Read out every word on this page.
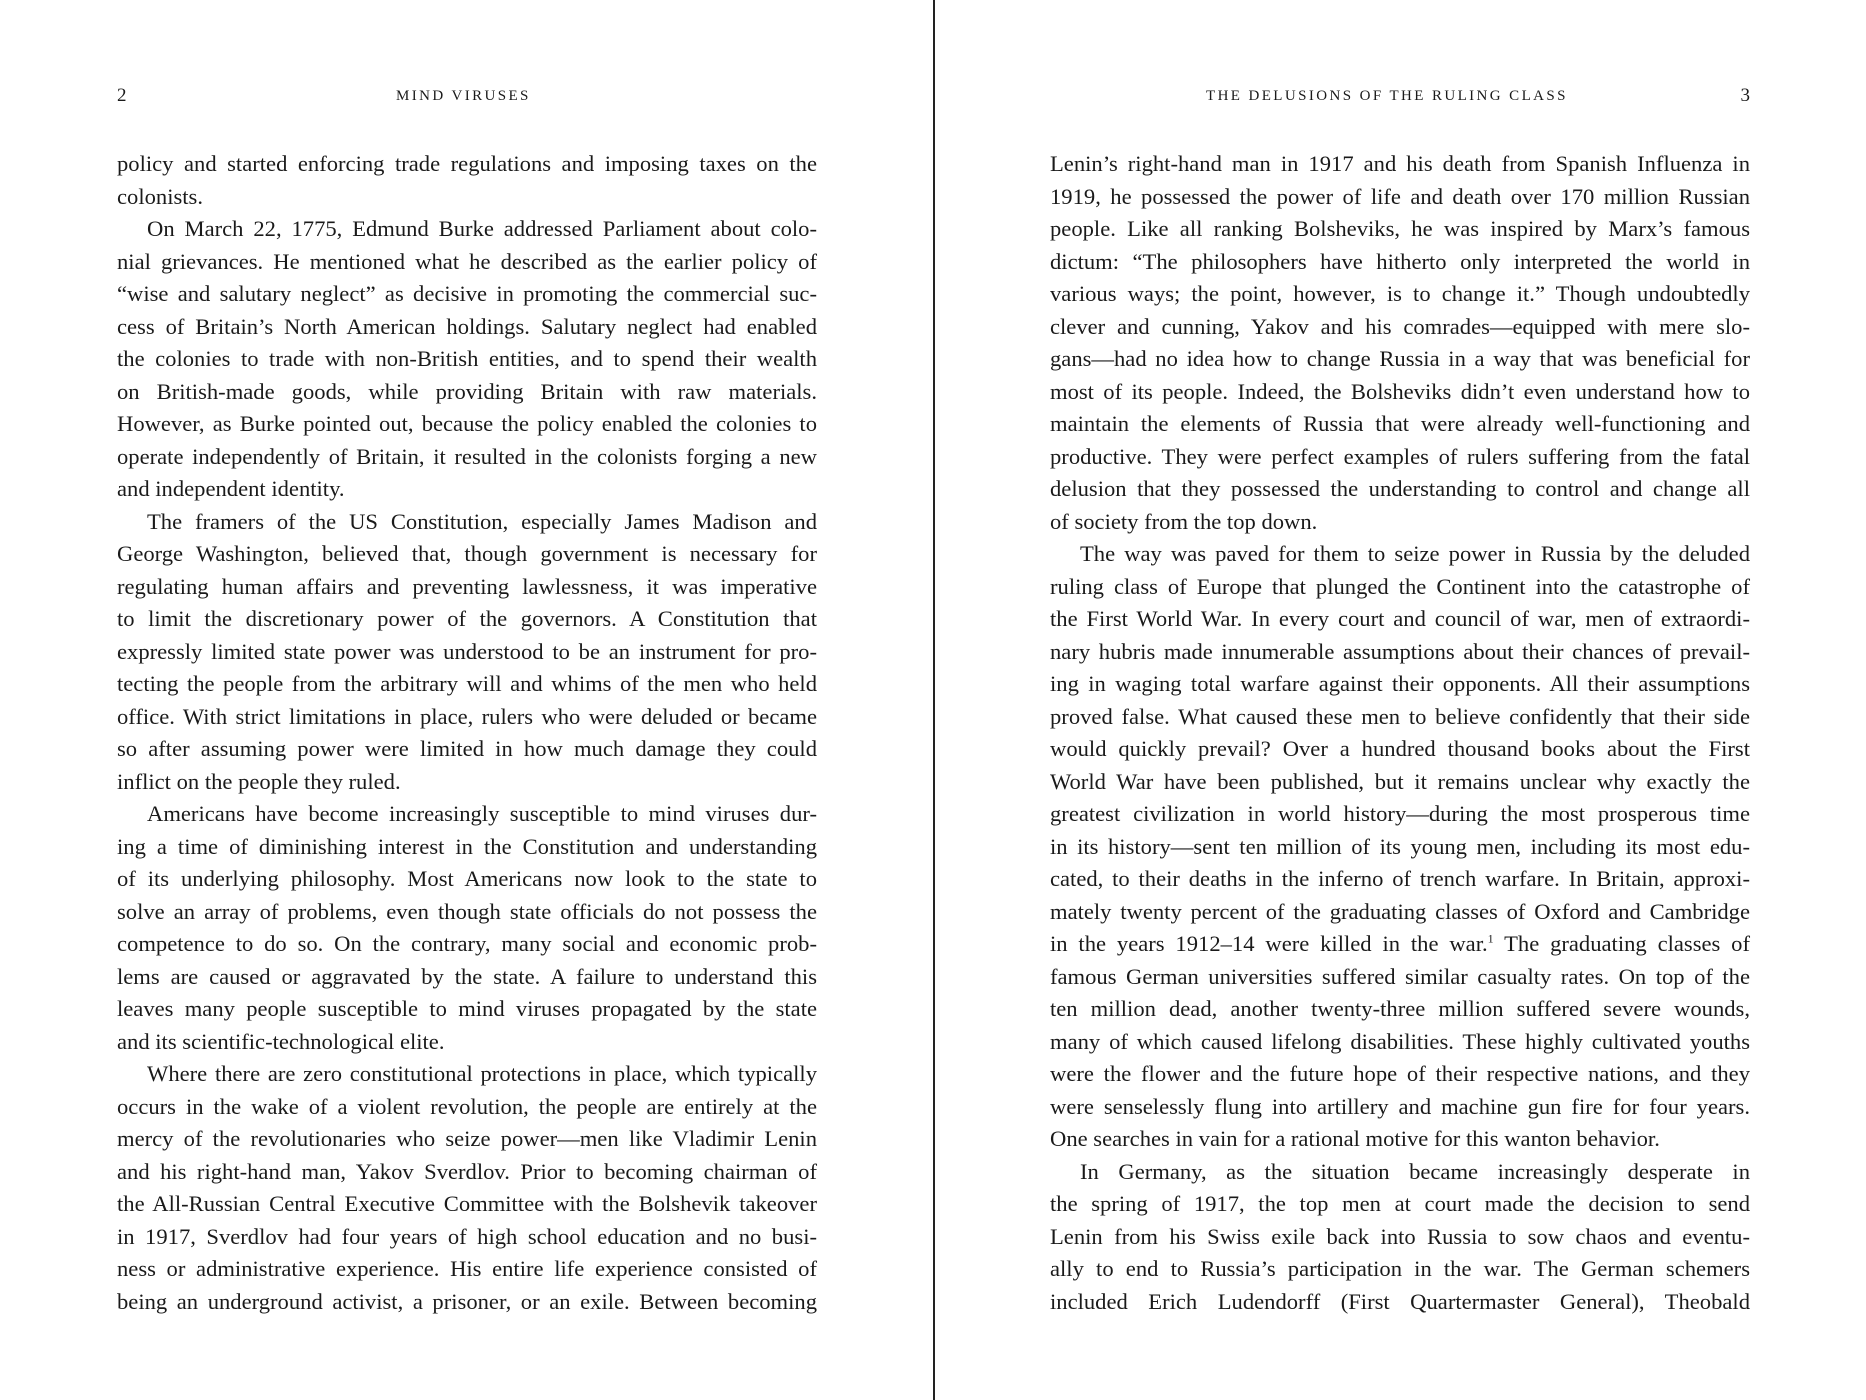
2	MIND VIRUSES
policy and started enforcing trade regulations and imposing taxes on the
colonists.
On March 22, 1775, Edmund Burke addressed Parliament about colo-
nial grievances. He mentioned what he described as the earlier policy of
“wise and salutary neglect” as decisive in promoting the commercial suc-
cess of Britain’s North American holdings. Salutary neglect had enabled
the colonies to trade with non-British entities, and to spend their wealth
on British-made goods, while providing Britain with raw materials.
However, as Burke pointed out, because the policy enabled the colonies to
operate independently of Britain, it resulted in the colonists forging a new
and independent identity.
The framers of the US Constitution, especially James Madison and
George Washington, believed that, though government is necessary for
regulating human affairs and preventing lawlessness, it was imperative
to limit the discretionary power of the governors. A Constitution that
expressly limited state power was understood to be an instrument for pro-
tecting the people from the arbitrary will and whims of the men who held
office. With strict limitations in place, rulers who were deluded or became
so after assuming power were limited in how much damage they could
inflict on the people they ruled.
Americans have become increasingly susceptible to mind viruses dur-
ing a time of diminishing interest in the Constitution and understanding
of its underlying philosophy. Most Americans now look to the state to
solve an array of problems, even though state officials do not possess the
competence to do so. On the contrary, many social and economic prob-
lems are caused or aggravated by the state. A failure to understand this
leaves many people susceptible to mind viruses propagated by the state
and its scientific-technological elite.
Where there are zero constitutional protections in place, which typically
occurs in the wake of a violent revolution, the people are entirely at the
mercy of the revolutionaries who seize power—men like Vladimir Lenin
and his right-hand man, Yakov Sverdlov. Prior to becoming chairman of
the All-Russian Central Executive Committee with the Bolshevik takeover
in 1917, Sverdlov had four years of high school education and no busi-
ness or administrative experience. His entire life experience consisted of
being an underground activist, a prisoner, or an exile. Between becoming
THE DELUSIONS OF THE RULING CLASS	3
Lenin’s right-hand man in 1917 and his death from Spanish Influenza in
1919, he possessed the power of life and death over 170 million Russian
people. Like all ranking Bolsheviks, he was inspired by Marx’s famous
dictum: “The philosophers have hitherto only interpreted the world in
various ways; the point, however, is to change it.” Though undoubtedly
clever and cunning, Yakov and his comrades—equipped with mere slo-
gans—had no idea how to change Russia in a way that was beneficial for
most of its people. Indeed, the Bolsheviks didn’t even understand how to
maintain the elements of Russia that were already well-functioning and
productive. They were perfect examples of rulers suffering from the fatal
delusion that they possessed the understanding to control and change all
of society from the top down.
The way was paved for them to seize power in Russia by the deluded
ruling class of Europe that plunged the Continent into the catastrophe of
the First World War. In every court and council of war, men of extraordi-
nary hubris made innumerable assumptions about their chances of prevail-
ing in waging total warfare against their opponents. All their assumptions
proved false. What caused these men to believe confidently that their side
would quickly prevail? Over a hundred thousand books about the First
World War have been published, but it remains unclear why exactly the
greatest civilization in world history—during the most prosperous time
in its history—sent ten million of its young men, including its most edu-
cated, to their deaths in the inferno of trench warfare. In Britain, approxi-
mately twenty percent of the graduating classes of Oxford and Cambridge
in the years 1912–14 were killed in the war.$^1$ The graduating classes of
famous German universities suffered similar casualty rates. On top of the
ten million dead, another twenty-three million suffered severe wounds,
many of which caused lifelong disabilities. These highly cultivated youths
were the flower and the future hope of their respective nations, and they
were senselessly flung into artillery and machine gun fire for four years.
One searches in vain for a rational motive for this wanton behavior.
In Germany, as the situation became increasingly desperate in
the spring of 1917, the top men at court made the decision to send
Lenin from his Swiss exile back into Russia to sow chaos and eventu-
ally to end to Russia’s participation in the war. The German schemers
included Erich Ludendorff (First Quartermaster General), Theobald
